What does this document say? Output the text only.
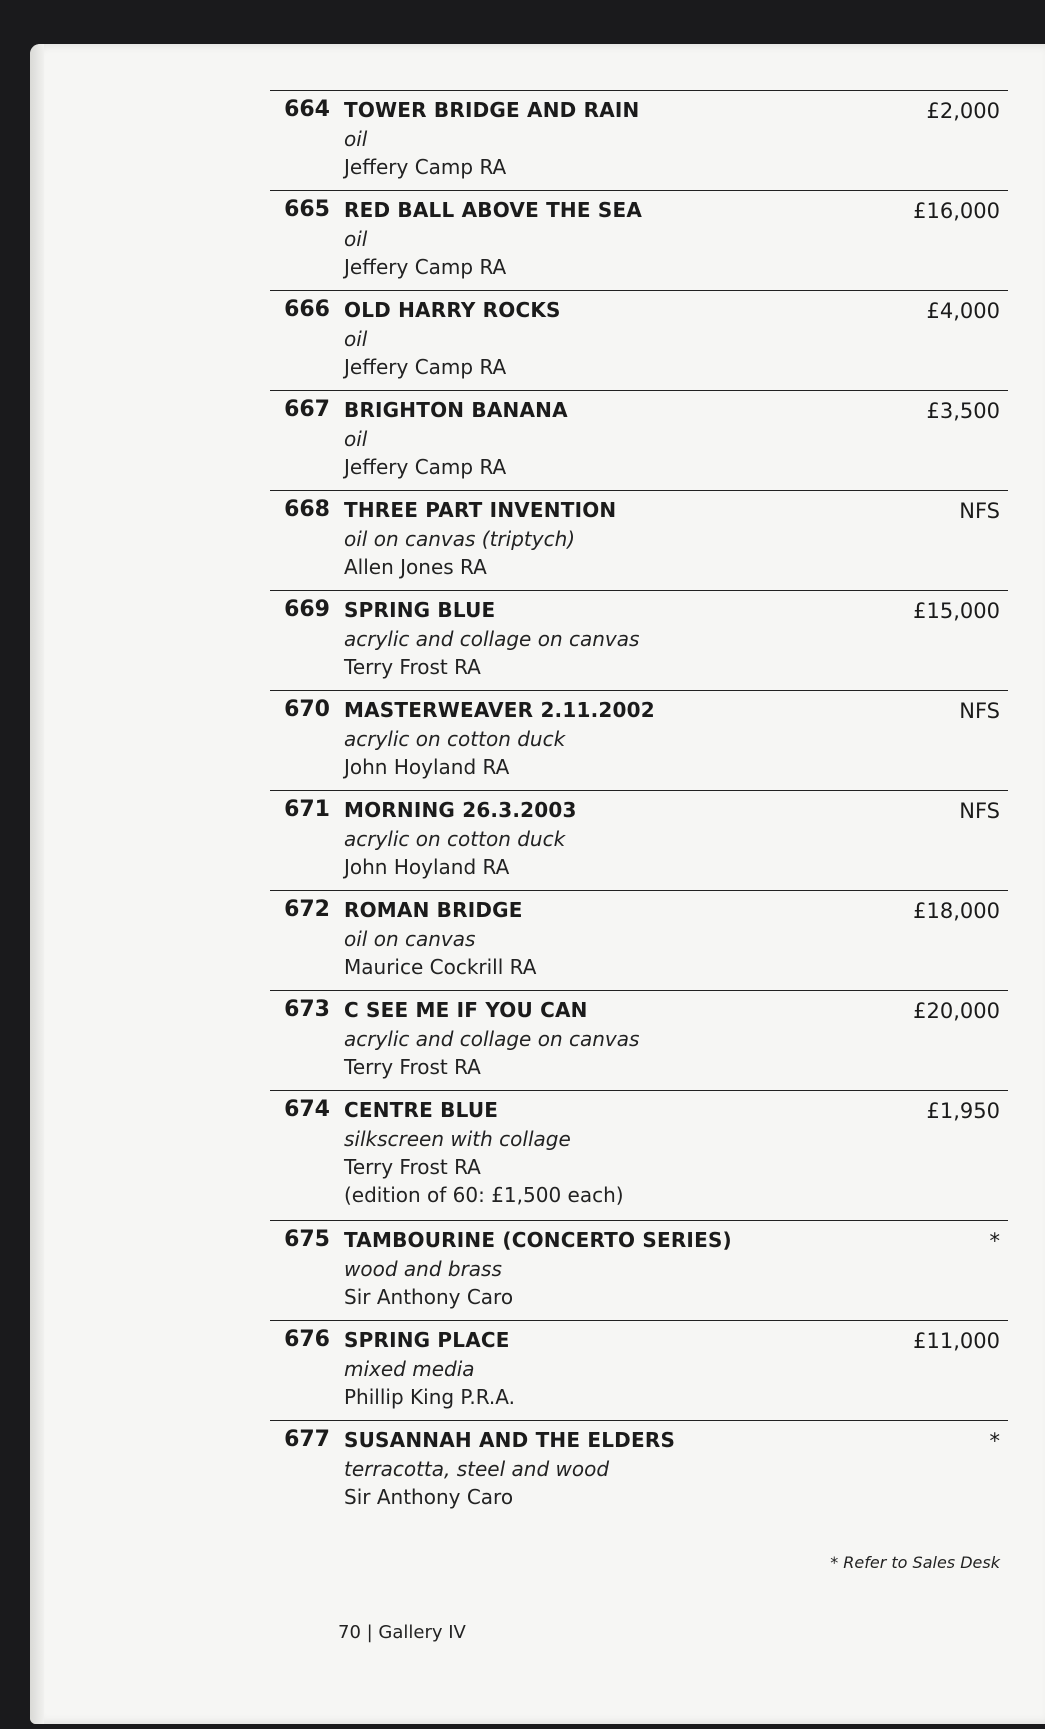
664 TOWER BRIDGE AND RAIN
oil
Jeffery Camp RA
£2,000
665 RED BALL ABOVE THE SEA
oil
Jeffery Camp RA
£16,000
666 OLD HARRY ROCKS
oil
Jeffery Camp RA
£4,000
667 BRIGHTON BANANA
oil
Jeffery Camp RA
£3,500
668 THREE PART INVENTION
oil on canvas (triptych)
Allen Jones RA
NFS
669 SPRING BLUE
acrylic and collage on canvas
Terry Frost RA
£15,000
670 MASTERWEAVER 2.11.2002
acrylic on cotton duck
John Hoyland RA
NFS
671 MORNING 26.3.2003
acrylic on cotton duck
John Hoyland RA
NFS
672 ROMAN BRIDGE
oil on canvas
Maurice Cockrill RA
£18,000
673 C SEE ME IF YOU CAN
acrylic and collage on canvas
Terry Frost RA
£20,000
674 CENTRE BLUE
silkscreen with collage
Terry Frost RA
(edition of 60: £1,500 each)
£1,950
675 TAMBOURINE (CONCERTO SERIES)
wood and brass
Sir Anthony Caro
*
676 SPRING PLACE
mixed media
Phillip King P.R.A.
£11,000
677 SUSANNAH AND THE ELDERS
terracotta, steel and wood
Sir Anthony Caro
*
* Refer to Sales Desk
70 | Gallery IV
